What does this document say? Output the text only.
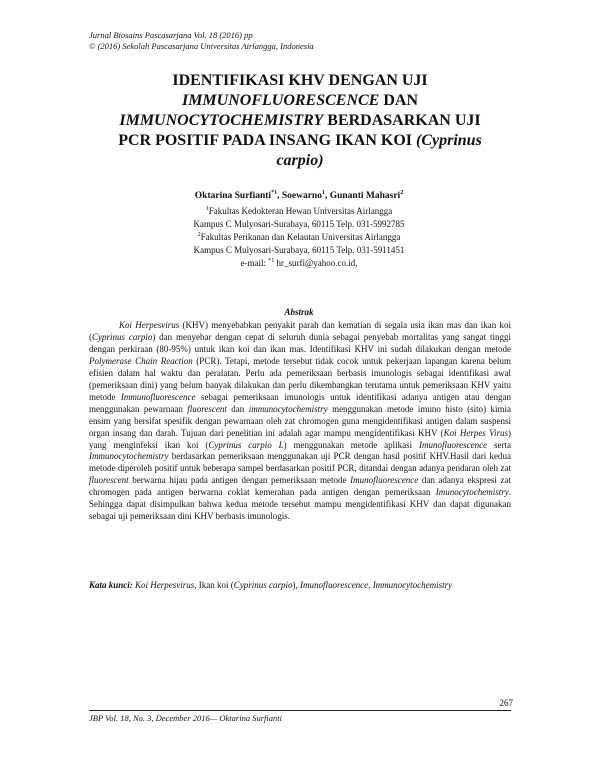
Jurnal Biosains Pascasarjana Vol. 18 (2016) pp
© (2016) Sekolah Pascasarjana Universitas Airlangga, Indonesia
IDENTIFIKASI KHV DENGAN UJI
IMMUNOFLUORESCENCE DAN
IMMUNOCYTOCHEMISTRY BERDASARKAN UJI
PCR POSITIF PADA INSANG IKAN KOI (Cyprinus
carpio)
Oktarina Surfianti$^{*1}$, Soewarno$^1$, Gunanti Mahasri$^2$
$^1$Fakultas Kedokteran Hewan Universitas Airlangga
Kampus C Mulyosari-Surabaya, 60115 Telp. 031-5992785
$^2$Fakultas Perikanan dan Kelautan Universitas Airlangga
Kampus C Mulyosari-Surabaya, 60115 Telp. 031-5911451
e-mail: $^{*1}$ hr_surfi@yahoo.co.id,
Abstrak

Koi Herpesvirus (KHV) menyebabkan penyakit parah dan kematian di segala usia ikan mas dan ikan koi (Cyprinus carpio) dan menyebar dengan cepat di seluruh dunia sebagai penyebab mortalitas yang sangat tinggi dengan perkiraan (80-95%) untuk ikan koi dan ikan mas. Identifikasi KHV ini sudah dilakukan dengan metode Polymerase Chain Reaction (PCR). Tetapi, metode tersebut tidak cocok untuk pekerjaan lapangan karena belum efisien dalam hal waktu dan peralatan. Perlu ada pemeriksaan berbasis imunologis sebagai identifikasi awal (pemeriksaan dini) yang belum banyak dilakukan dan perlu dikembangkan terutama untuk pemeriksaan KHV yaitu metode Immunofluorescence sebagai pemeriksaan imunologis untuk identifikasi adanya antigen atau dengan menggunakan pewarnaan fluorescent dan immunocytochemistry menggunakan metode imuno histo (sito) kimia ensim yang bersifat spesifik dengan pewarnaan oleh zat chromogen guna mengidentifikasi antigen dalam suspensi organ insang dan darah. Tujuan dari penelitian ini adalah agar mampu mengidentifikasi KHV (Koi Herpes Virus) yang menginfeksi ikan koi (Cyprinus carpio L) menggunakan metode aplikasi Imunofluorescence serta Immunocytochemistry berdasarkan pemeriksaan menggunakan uji PCR dengan hasil positif KHV.Hasil dari kedua metode diperoleh positif untuk beberapa sampel berdasarkan positif PCR, ditandai dengan adanya pendaran oleh zat fluorescent berwarna hijau pada antigen dengan pemeriksaan metode Imunofluorescence dan adanya ekspresi zat chromogen pada antigen berwarna coklat kemerahan pada antigen dengan pemeriksaan Imunocytochemistry. Sehingga dapat disimpulkan bahwa kedua metode tersebut mampu mengidentifikasi KHV dan dapat digunakan sebagai uji pemeriksaan dini KHV berbasis imunologis.

Kata kunci: Koi Herpesvirus, Ikan koi (Cyprinus carpio), Imunofluorescence, Immunocytochemistry

267
JBP Vol. 18, No. 3, December 2016— Oktarina Surfianti
